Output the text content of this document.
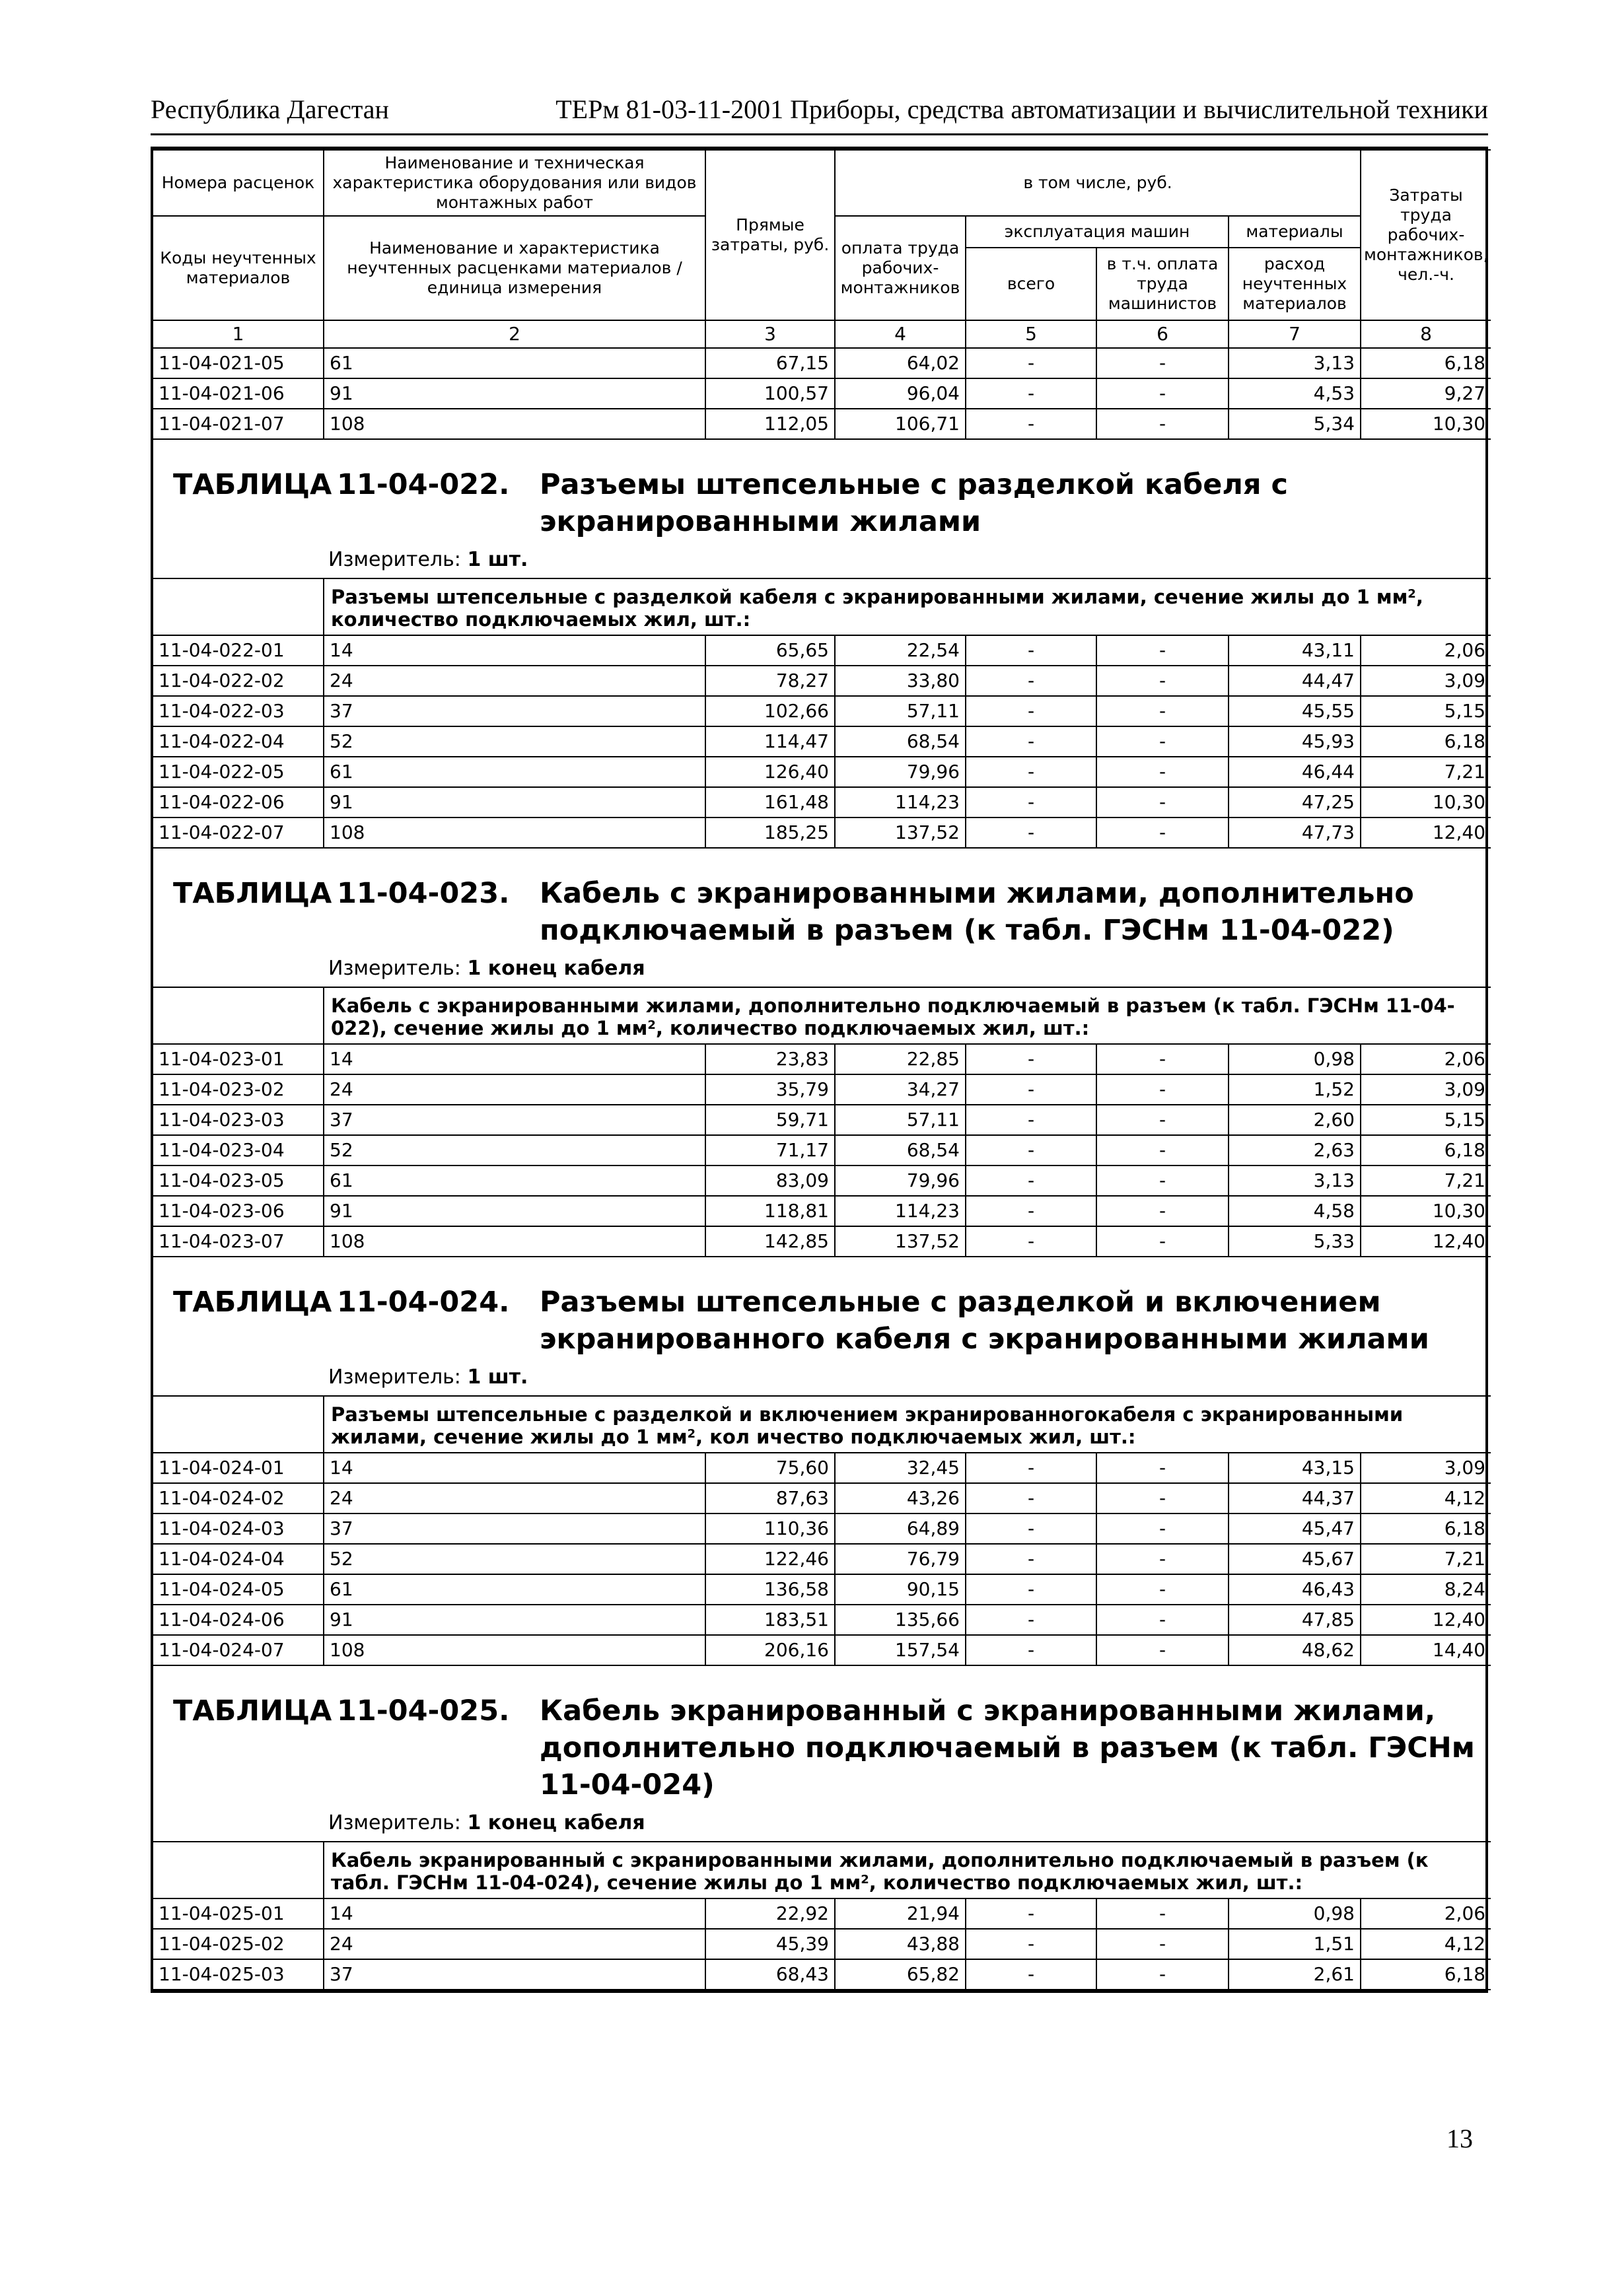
Республика Дагестан	ТЕРм 81-03-11-2001 Приборы, средства автоматизации и вычислительной техники
Номера расценок	Наименование и техническая характеристика оборудования или видов монтажных работ	Прямые затраты, руб.	в том числе, руб.				Затраты труда рабочих-монтажников, чел.-ч.
Коды неучтенных материалов	Наименование и характеристика неучтенных расценками материалов / единица измерения		оплата труда рабочих-монтажников	эксплуатация машин		материалы	
				всего	в т.ч. оплата труда машинистов	расход неучтенных материалов	
1	2	3	4	5	6	7	8
11-04-021-05	61	67,15	64,02	-	-	3,13	6,18
11-04-021-06	91	100,57	96,04	-	-	4,53	9,27
11-04-021-07	108	112,05	106,71	-	-	5,34	10,30
ТАБЛИЦА 11-04-022. Разъемы штепсельные с разделкой кабеля с экранированными жилами
Измеритель: 1 шт.
	Разъемы штепсельные с разделкой кабеля с экранированными жилами, сечение жилы до 1 $мм^2$, количество подключаемых жил, шт.:						
11-04-022-01	14	65,65	22,54	-	-	43,11	2,06
11-04-022-02	24	78,27	33,80	-	-	44,47	3,09
11-04-022-03	37	102,66	57,11	-	-	45,55	5,15
11-04-022-04	52	114,47	68,54	-	-	45,93	6,18
11-04-022-05	61	126,40	79,96	-	-	46,44	7,21
11-04-022-06	91	161,48	114,23	-	-	47,25	10,30
11-04-022-07	108	185,25	137,52	-	-	47,73	12,40
ТАБЛИЦА 11-04-023. Кабель с экранированными жилами, дополнительно подключаемый в разъем (к табл. ГЭСНм 11-04-022)
Измеритель: 1 конец кабеля
	Кабель с экранированными жилами, дополнительно подключаемый в разъем (к табл. ГЭСНм 11-04-022), сечение жилы до 1 $мм^2$, количество подключаемых жил, шт.:						
11-04-023-01	14	23,83	22,85	-	-	0,98	2,06
11-04-023-02	24	35,79	34,27	-	-	1,52	3,09
11-04-023-03	37	59,71	57,11	-	-	2,60	5,15
11-04-023-04	52	71,17	68,54	-	-	2,63	6,18
11-04-023-05	61	83,09	79,96	-	-	3,13	7,21
11-04-023-06	91	118,81	114,23	-	-	4,58	10,30
11-04-023-07	108	142,85	137,52	-	-	5,33	12,40
ТАБЛИЦА 11-04-024. Разъемы штепсельные с разделкой и включением экранированного кабеля с экранированными жилами
Измеритель: 1 шт.
	Разъемы штепсельные с разделкой и включением экранированногокабеля с экранированными жилами, сечение жилы до 1 $мм^2$, кол ичество подключаемых жил, шт.:						
11-04-024-01	14	75,60	32,45	-	-	43,15	3,09
11-04-024-02	24	87,63	43,26	-	-	44,37	4,12
11-04-024-03	37	110,36	64,89	-	-	45,47	6,18
11-04-024-04	52	122,46	76,79	-	-	45,67	7,21
11-04-024-05	61	136,58	90,15	-	-	46,43	8,24
11-04-024-06	91	183,51	135,66	-	-	47,85	12,40
11-04-024-07	108	206,16	157,54	-	-	48,62	14,40
ТАБЛИЦА 11-04-025. Кабель экранированный с экранированными жилами, дополнительно подключаемый в разъем (к табл. ГЭСНм 11-04-024)
Измеритель: 1 конец кабеля
	Кабель экранированный с экранированными жилами, дополнительно подключаемый в разъем (к табл. ГЭСНм 11-04-024), сечение жилы до 1 $мм^2$, количество подключаемых жил, шт.:						
11-04-025-01	14	22,92	21,94	-	-	0,98	2,06
11-04-025-02	24	45,39	43,88	-	-	1,51	4,12
11-04-025-03	37	68,43	65,82	-	-	2,61	6,18
13
